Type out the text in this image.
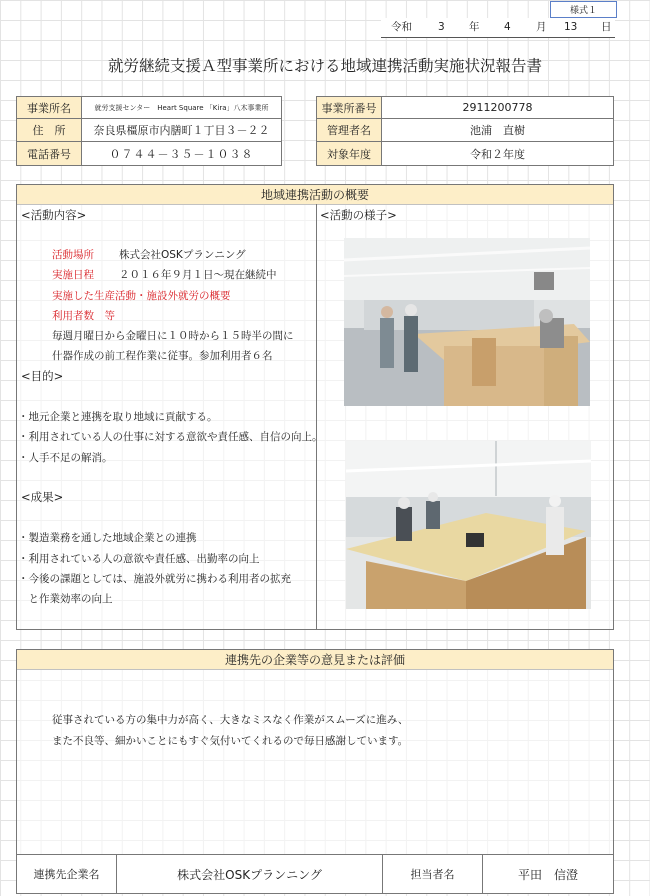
様式１
令和 3 年 4 月 13 日
就労継続支援Ａ型事業所における地域連携活動実施状況報告書
事業所名	就労支援センター　Heart Square 「Kira」八木事業所
住　所	奈良県橿原市内膳町１丁目３－２２
電話番号	０７４４－３５－１０３８
事業所番号	2911200778
管理者名	池浦　直樹
対象年度	令和２年度
地域連携活動の概要
<活動内容>	<活動の様子>
活動場所 株式会社OSKプランニング
実施日程 ２０１６年９月１日～現在継続中
実施した生産活動・施設外就労の概要
利用者数　等
毎週月曜日から金曜日に１０時から１５時半の間に
什器作成の前工程作業に従事。参加利用者６名
<目的>
・地元企業と連携を取り地域に貢献する。
・利用されている人の仕事に対する意欲や責任感、自信の向上。
・人手不足の解消。
<成果>
・製造業務を通した地域企業との連携
・利用されている人の意欲や責任感、出勤率の向上
・今後の課題としては、施設外就労に携わる利用者の拡充
　と作業効率の向上
連携先の企業等の意見または評価
従事されている方の集中力が高く、大きなミスなく作業がスムーズに進み、
また不良等、細かいことにもすぐ気付いてくれるので毎日感謝しています。
連携先企業名	株式会社OSKプランニング	担当者名	平田　信澄
